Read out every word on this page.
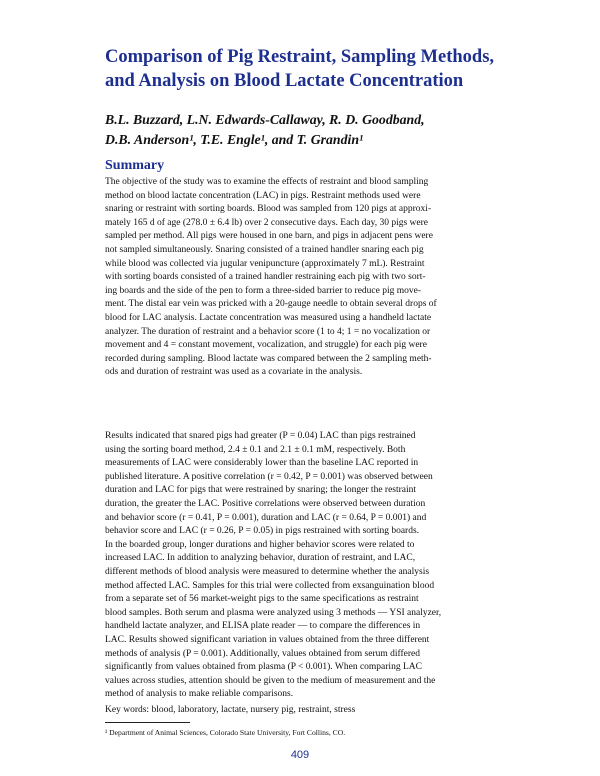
Comparison of Pig Restraint, Sampling Methods,
and Analysis on Blood Lactate Concentration
B.L. Buzzard, L.N. Edwards-Callaway, R. D. Goodband,
D.B. Anderson¹, T.E. Engle¹, and T. Grandin¹
Summary
The objective of the study was to examine the effects of restraint and blood sampling
method on blood lactate concentration (LAC) in pigs. Restraint methods used were
snaring or restraint with sorting boards. Blood was sampled from 120 pigs at approxi-
mately 165 d of age (278.0 ± 6.4 lb) over 2 consecutive days. Each day, 30 pigs were
sampled per method. All pigs were housed in one barn, and pigs in adjacent pens were
not sampled simultaneously. Snaring consisted of a trained handler snaring each pig
while blood was collected via jugular venipuncture (approximately 7 mL). Restraint
with sorting boards consisted of a trained handler restraining each pig with two sort-
ing boards and the side of the pen to form a three-sided barrier to reduce pig move-
ment. The distal ear vein was pricked with a 20-gauge needle to obtain several drops of
blood for LAC analysis. Lactate concentration was measured using a handheld lactate
analyzer. The duration of restraint and a behavior score (1 to 4; 1 = no vocalization or
movement and 4 = constant movement, vocalization, and struggle) for each pig were
recorded during sampling. Blood lactate was compared between the 2 sampling meth-
ods and duration of restraint was used as a covariate in the analysis.
Results indicated that snared pigs had greater (P = 0.04) LAC than pigs restrained
using the sorting board method, 2.4 ± 0.1 and 2.1 ± 0.1 mM, respectively. Both
measurements of LAC were considerably lower than the baseline LAC reported in
published literature. A positive correlation (r = 0.42, P = 0.001) was observed between
duration and LAC for pigs that were restrained by snaring; the longer the restraint
duration, the greater the LAC. Positive correlations were observed between duration
and behavior score (r = 0.41, P = 0.001), duration and LAC (r = 0.64, P = 0.001) and
behavior score and LAC (r = 0.26, P = 0.05) in pigs restrained with sorting boards.
In the boarded group, longer durations and higher behavior scores were related to
increased LAC. In addition to analyzing behavior, duration of restraint, and LAC,
different methods of blood analysis were measured to determine whether the analysis
method affected LAC. Samples for this trial were collected from exsanguination blood
from a separate set of 56 market-weight pigs to the same specifications as restraint
blood samples. Both serum and plasma were analyzed using 3 methods — YSI analyzer,
handheld lactate analyzer, and ELISA plate reader — to compare the differences in
LAC. Results showed significant variation in values obtained from the three different
methods of analysis (P = 0.001). Additionally, values obtained from serum differed
significantly from values obtained from plasma (P < 0.001). When comparing LAC
values across studies, attention should be given to the medium of measurement and the
method of analysis to make reliable comparisons.
Key words: blood, laboratory, lactate, nursery pig, restraint, stress
¹ Department of Animal Sciences, Colorado State University, Fort Collins, CO.
409
